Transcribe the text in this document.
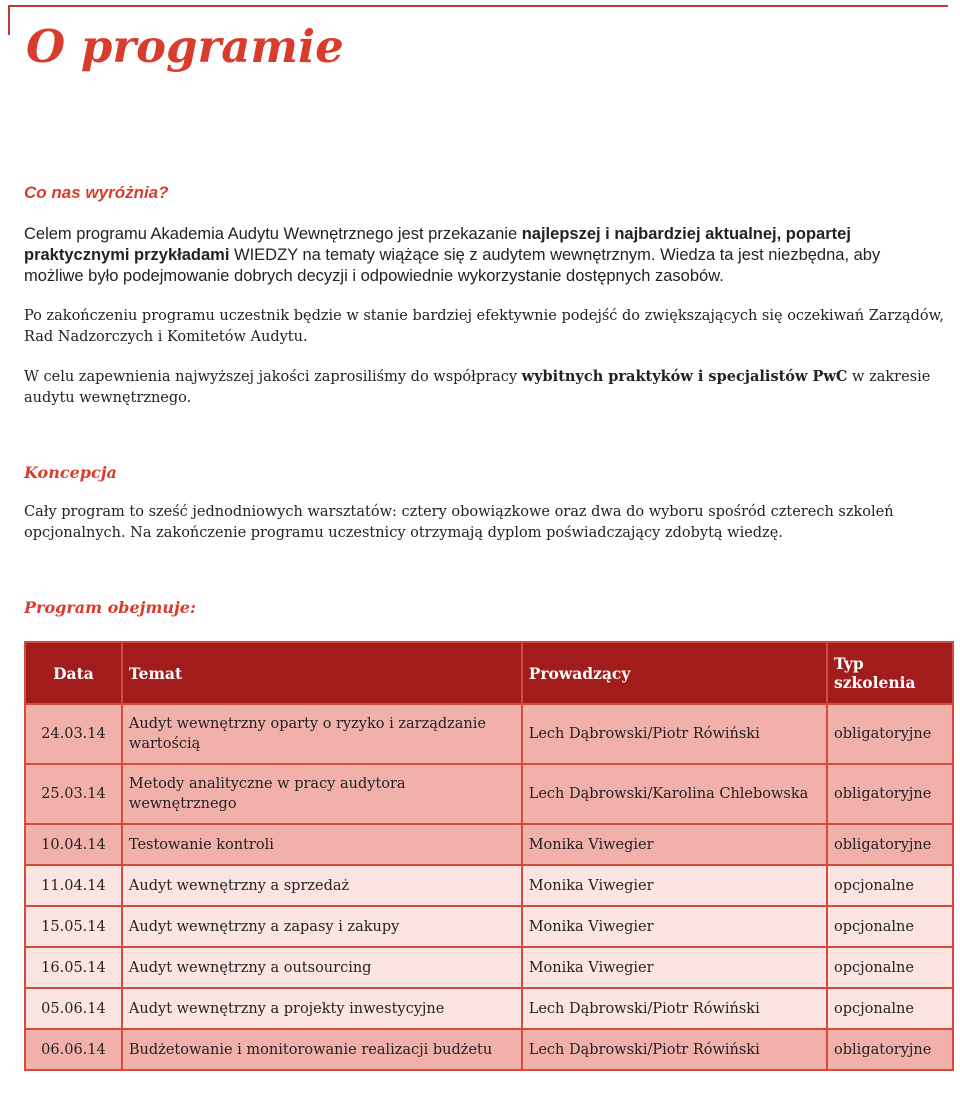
O programie
Co nas wyróżnia?

Celem programu Akademia Audytu Wewnętrznego jest przekazanie najlepszej i najbardziej aktualnej, popartej praktycznymi przykładami WIEDZY na tematy wiążące się z audytem wewnętrznym. Wiedza ta jest niezbędna, aby możliwe było podejmowanie dobrych decyzji i odpowiednie wykorzystanie dostępnych zasobów.

Po zakończeniu programu uczestnik będzie w stanie bardziej efektywnie podejść do zwiększających się oczekiwań Zarządów, Rad Nadzorczych i Komitetów Audytu.

W celu zapewnienia najwyższej jakości zaprosiliśmy do współpracy wybitnych praktyków i specjalistów PwC w zakresie audytu wewnętrznego.

Koncepcja

Cały program to sześć jednodniowych warsztatów: cztery obowiązkowe oraz dwa do wyboru spośród czterech szkoleń opcjonalnych. Na zakończenie programu uczestnicy otrzymają dyplom poświadczający zdobytą wiedzę.

Program obejmuje:
Data	Temat	Prowadzący	Typ szkolenia
24.03.14	Audyt wewnętrzny oparty o ryzyko i zarządzanie wartością	Lech Dąbrowski/Piotr Rówiński	obligatoryjne
25.03.14	Metody analityczne w pracy audytora wewnętrznego	Lech Dąbrowski/Karolina Chlebowska	obligatoryjne
10.04.14	Testowanie kontroli	Monika Viwegier	obligatoryjne
11.04.14	Audyt wewnętrzny a sprzedaż	Monika Viwegier	opcjonalne
15.05.14	Audyt wewnętrzny a zapasy i zakupy	Monika Viwegier	opcjonalne
16.05.14	Audyt wewnętrzny a outsourcing	Monika Viwegier	opcjonalne
05.06.14	Audyt wewnętrzny a projekty inwestycyjne	Lech Dąbrowski/Piotr Rówiński	opcjonalne
06.06.14	Budżetowanie i monitorowanie realizacji budżetu	Lech Dąbrowski/Piotr Rówiński	obligatoryjne
